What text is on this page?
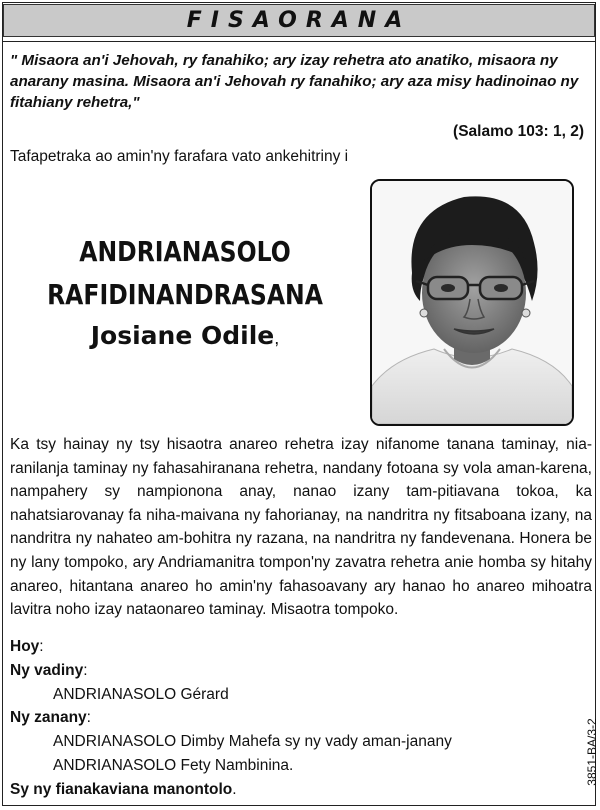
FISAORANA

" Misaora an'i Jehovah, ry fanahiko; ary izay rehetra ato anatiko, misaora ny anarany masina. Misaora an'i Jehovah ry fanahiko; ary aza misy hadinoinao ny fitahiany rehetra,"

(Salamo 103: 1, 2)
Tafapetraka ao amin'ny farafara vato ankehitriny i
ANDRIANASOLO
RAFIDINANDRASANA
Josiane Odile,

Ka tsy hainay ny tsy hisaotra anareo rehetra izay nifanome tanana taminay, nia-ranilanja taminay ny fahasahiranana rehetra, nandany fotoana sy vola aman-karena, nampahery sy nampionona anay, nanao izany tam-pitiavana tokoa, ka nahatsiarovanay fa niha-maivana ny fahorianay, na nandritra ny fitsaboana izany, na nandritra ny nahateo am-bohitra ny razana, na nandritra ny fandevenana. Honera be ny lany tompoko, ary Andriamanitra tompon'ny zavatra rehetra anie homba sy hitahy anareo, hitantana anareo ho amin'ny fahasoavany ary hanao ho anareo mihoatra lavitra noho izay nataonareo taminay. Misaotra tompoko.

Hoy:
Ny vadiny:
ANDRIANASOLO Gérard
Ny zanany:
ANDRIANASOLO Dimby Mahefa sy ny vady aman-janany
ANDRIANASOLO Fety Nambinina.
Sy ny fianakaviana manontolo.
3851-BA/3-2
